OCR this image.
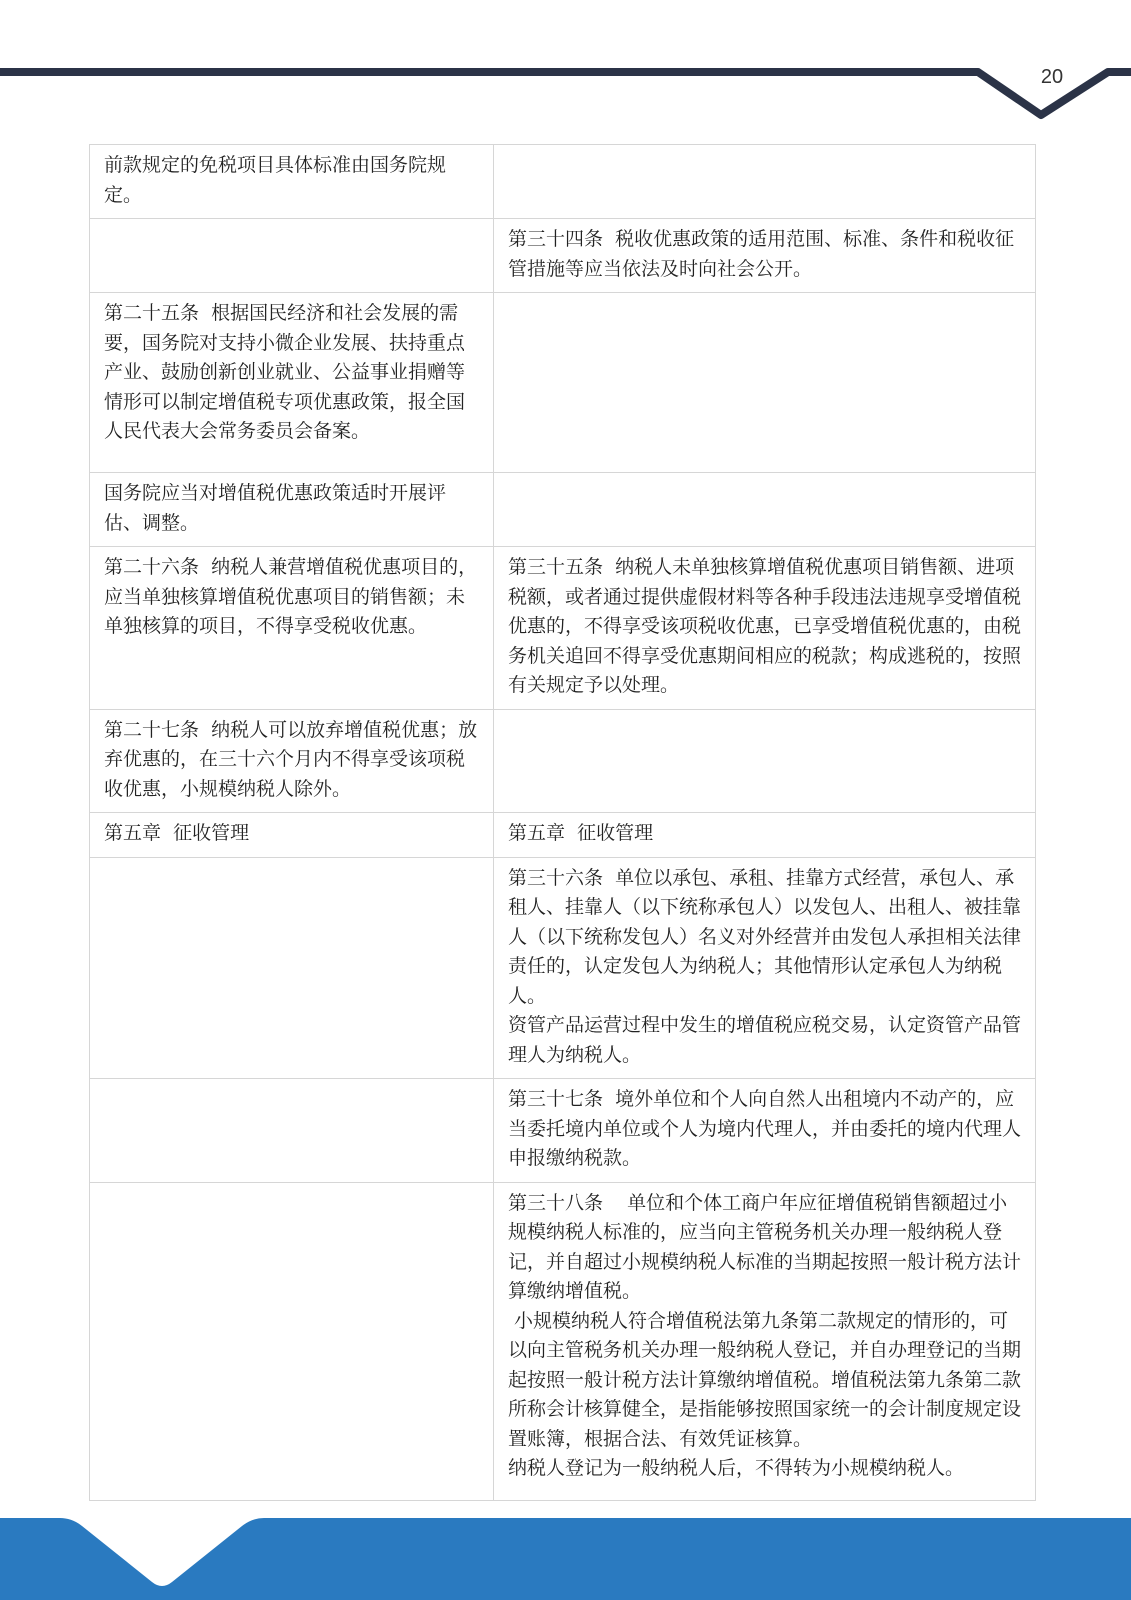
20
前款规定的免税项目具体标准由国务院规定。	

	第三十四条  税收优惠政策的适用范围、标准、条件和税收征管措施等应当依法及时向社会公开。

第二十五条  根据国民经济和社会发展的需要，国务院对支持小微企业发展、扶持重点产业、鼓励创新创业就业、公益事业捐赠等情形可以制定增值税专项优惠政策，报全国人民代表大会常务委员会备案。	

国务院应当对增值税优惠政策适时开展评估、调整。	

第二十六条  纳税人兼营增值税优惠项目的，应当单独核算增值税优惠项目的销售额；未单独核算的项目，不得享受税收优惠。	第三十五条  纳税人未单独核算增值税优惠项目销售额、进项税额，或者通过提供虚假材料等各种手段违法违规享受增值税优惠的，不得享受该项税收优惠，已享受增值税优惠的，由税务机关追回不得享受优惠期间相应的税款；构成逃税的，按照有关规定予以处理。

第二十七条  纳税人可以放弃增值税优惠；放弃优惠的，在三十六个月内不得享受该项税收优惠，小规模纳税人除外。	

第五章  征收管理	第五章  征收管理

	第三十六条  单位以承包、承租、挂靠方式经营，承包人、承租人、挂靠人（以下统称承包人）以发包人、出租人、被挂靠人（以下统称发包人）名义对外经营并由发包人承担相关法律责任的，认定发包人为纳税人；其他情形认定承包人为纳税人。
资管产品运营过程中发生的增值税应税交易，认定资管产品管理人为纳税人。

	第三十七条  境外单位和个人向自然人出租境内不动产的，应当委托境内单位或个人为境内代理人，并由委托的境内代理人申报缴纳税款。

	第三十八条    单位和个体工商户年应征增值税销售额超过小规模纳税人标准的，应当向主管税务机关办理一般纳税人登记，并自超过小规模纳税人标准的当期起按照一般计税方法计算缴纳增值税。
小规模纳税人符合增值税法第九条第二款规定的情形的，可以向主管税务机关办理一般纳税人登记，并自办理登记的当期起按照一般计税方法计算缴纳增值税。增值税法第九条第二款所称会计核算健全，是指能够按照国家统一的会计制度规定设置账簿，根据合法、有效凭证核算。
纳税人登记为一般纳税人后，不得转为小规模纳税人。
